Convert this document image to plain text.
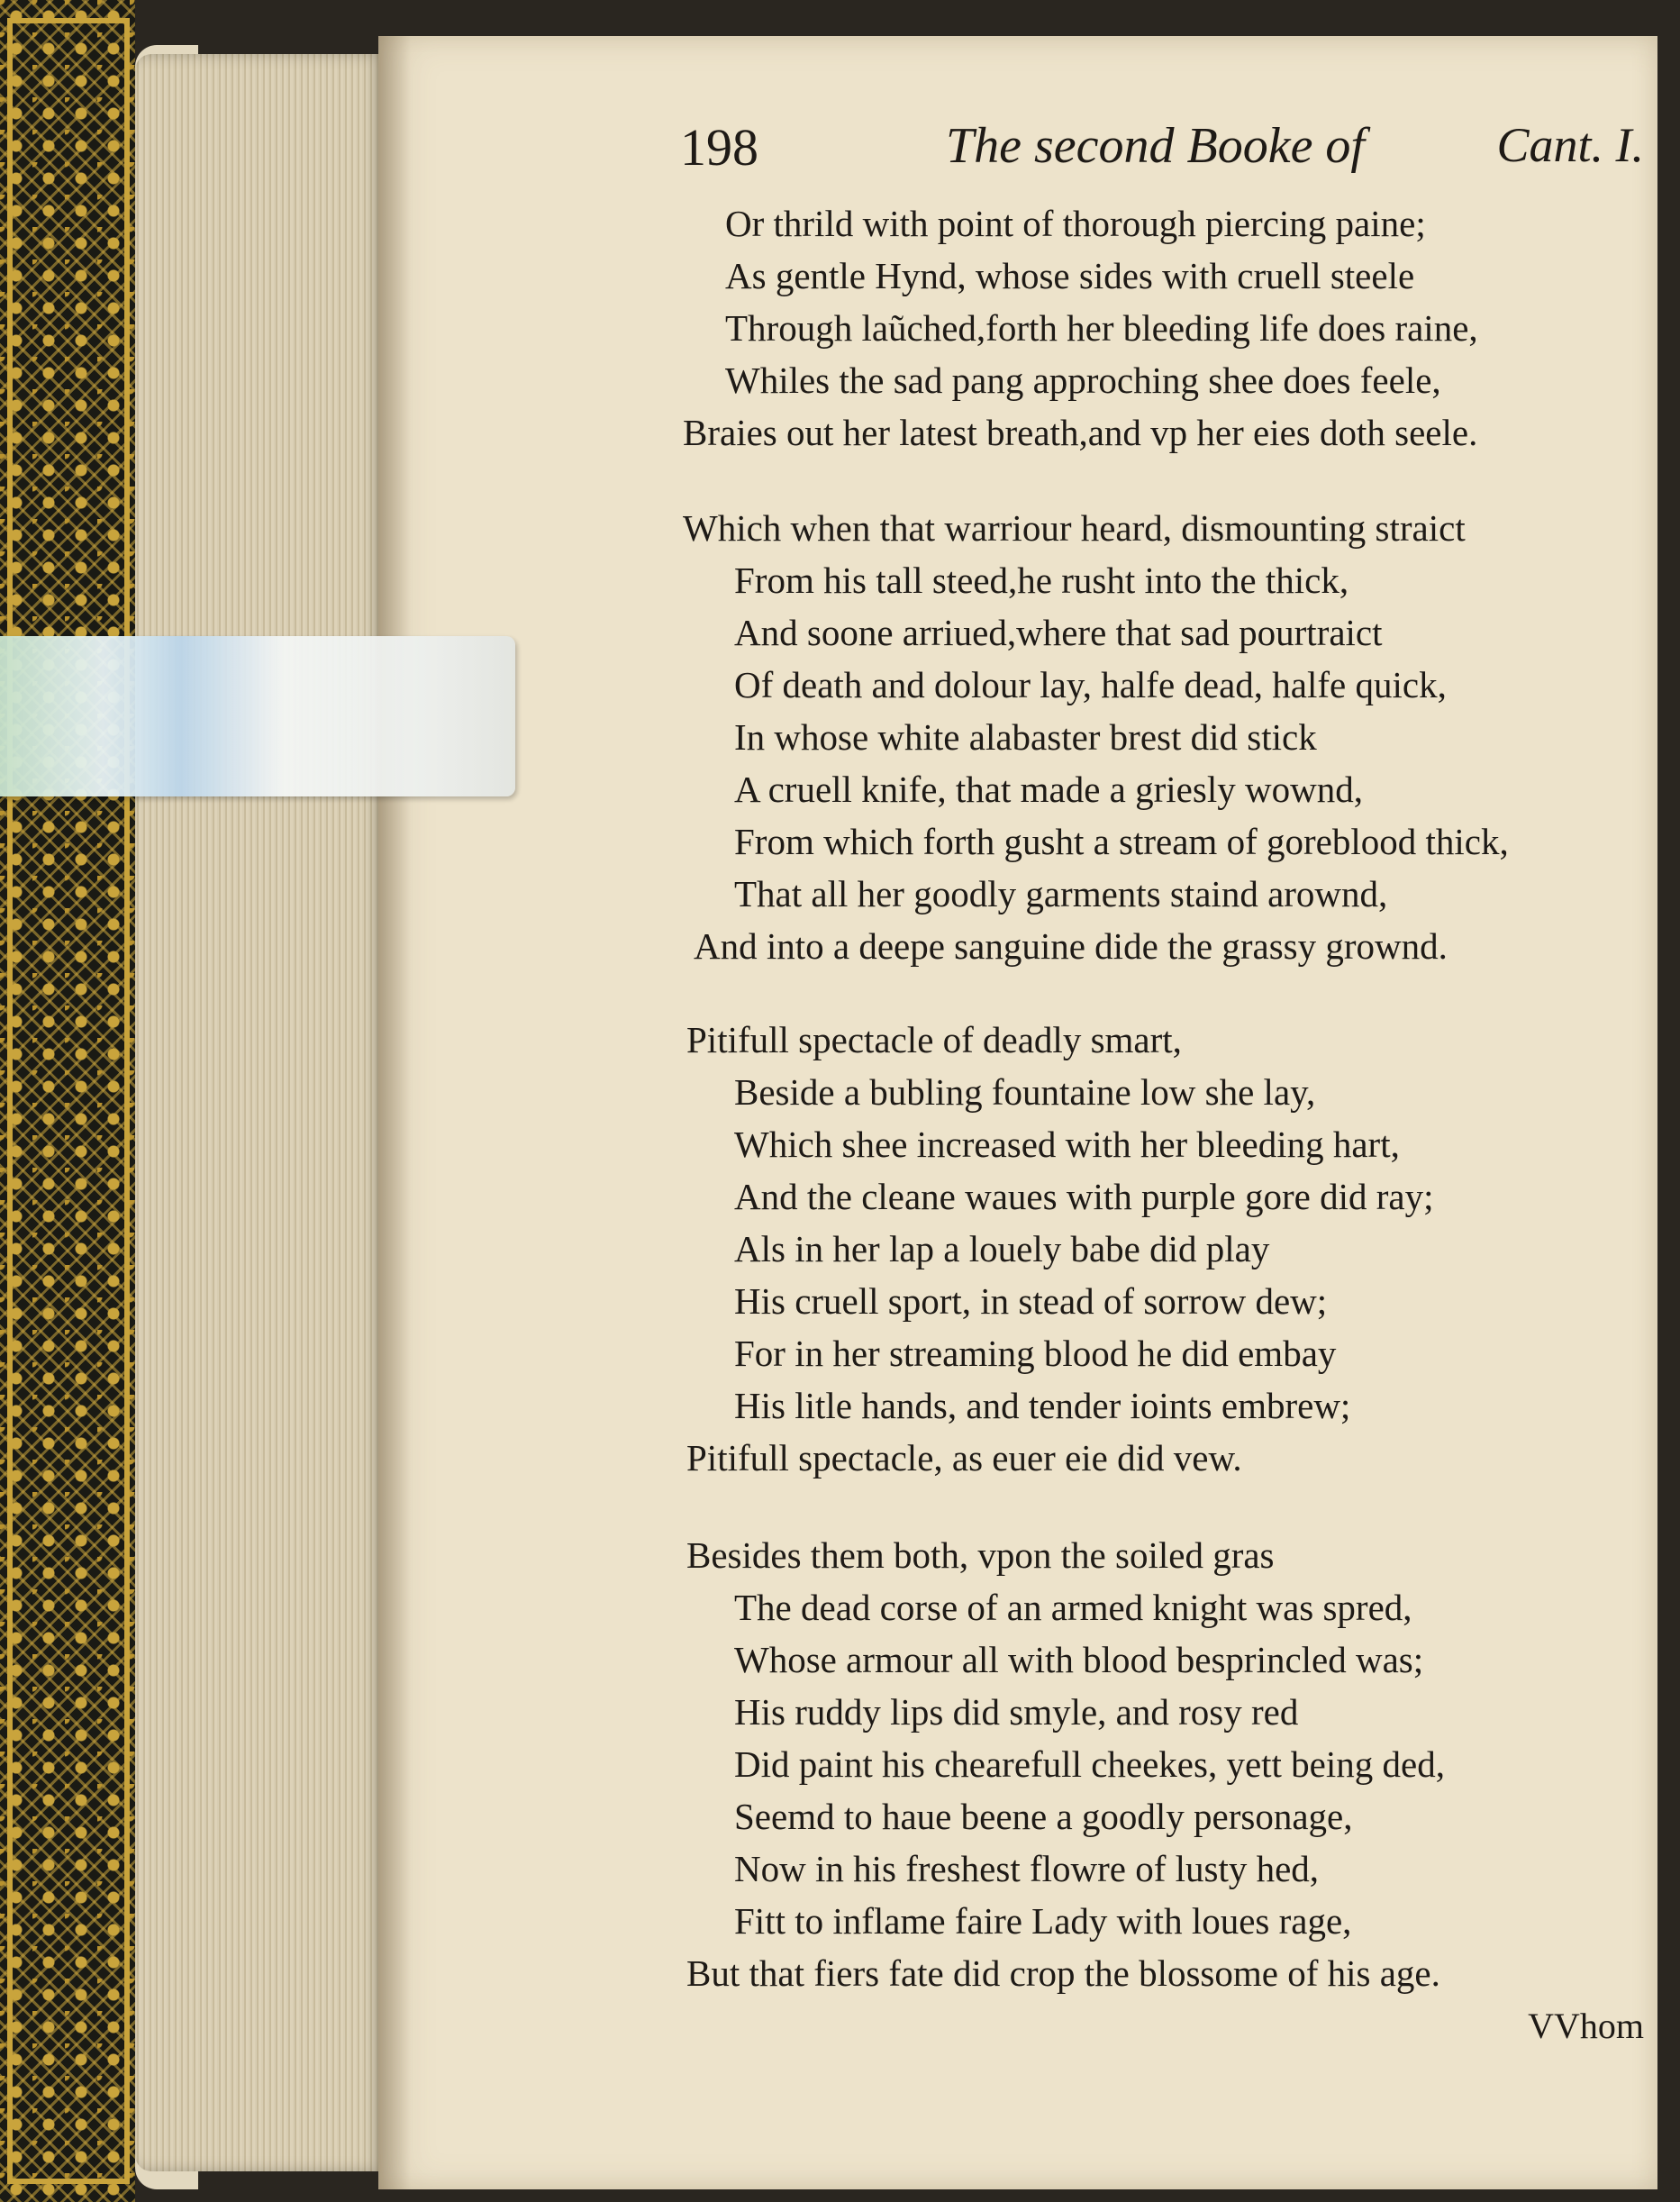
198	The second Booke of	Cant. I.
Or thrild with point of thorough piercing paine;
As gentle Hynd, whose sides with cruell steele
Through laũched,forth her bleeding life does raine,
Whiles the sad pang approching shee does feele,
Braies out her latest breath,and vp her eies doth seele.
Which when that warriour heard, dismounting straict
From his tall steed,he rusht into the thick,
And soone arriued,where that sad pourtraict
Of death and dolour lay, halfe dead, halfe quick,
In whose white alabaster brest did stick
A cruell knife, that made a griesly wownd,
From which forth gusht a stream of goreblood thick,
That all her goodly garments staind arownd,
And into a deepe sanguine dide the grassy grownd.
Pitifull spectacle of deadly smart,
Beside a bubling fountaine low she lay,
Which shee increased with her bleeding hart,
And the cleane waues with purple gore did ray;
Als in her lap a louely babe did play
His cruell sport, in stead of sorrow dew;
For in her streaming blood he did embay
His litle hands, and tender ioints embrew;
Pitifull spectacle, as euer eie did vew.
Besides them both, vpon the soiled gras
The dead corse of an armed knight was spred,
Whose armour all with blood besprincled was;
His ruddy lips did smyle, and rosy red
Did paint his chearefull cheekes, yett being ded,
Seemd to haue beene a goodly personage,
Now in his freshest flowre of lusty hed,
Fitt to inflame faire Lady with loues rage,
But that fiers fate did crop the blossome of his age.
VVhom
